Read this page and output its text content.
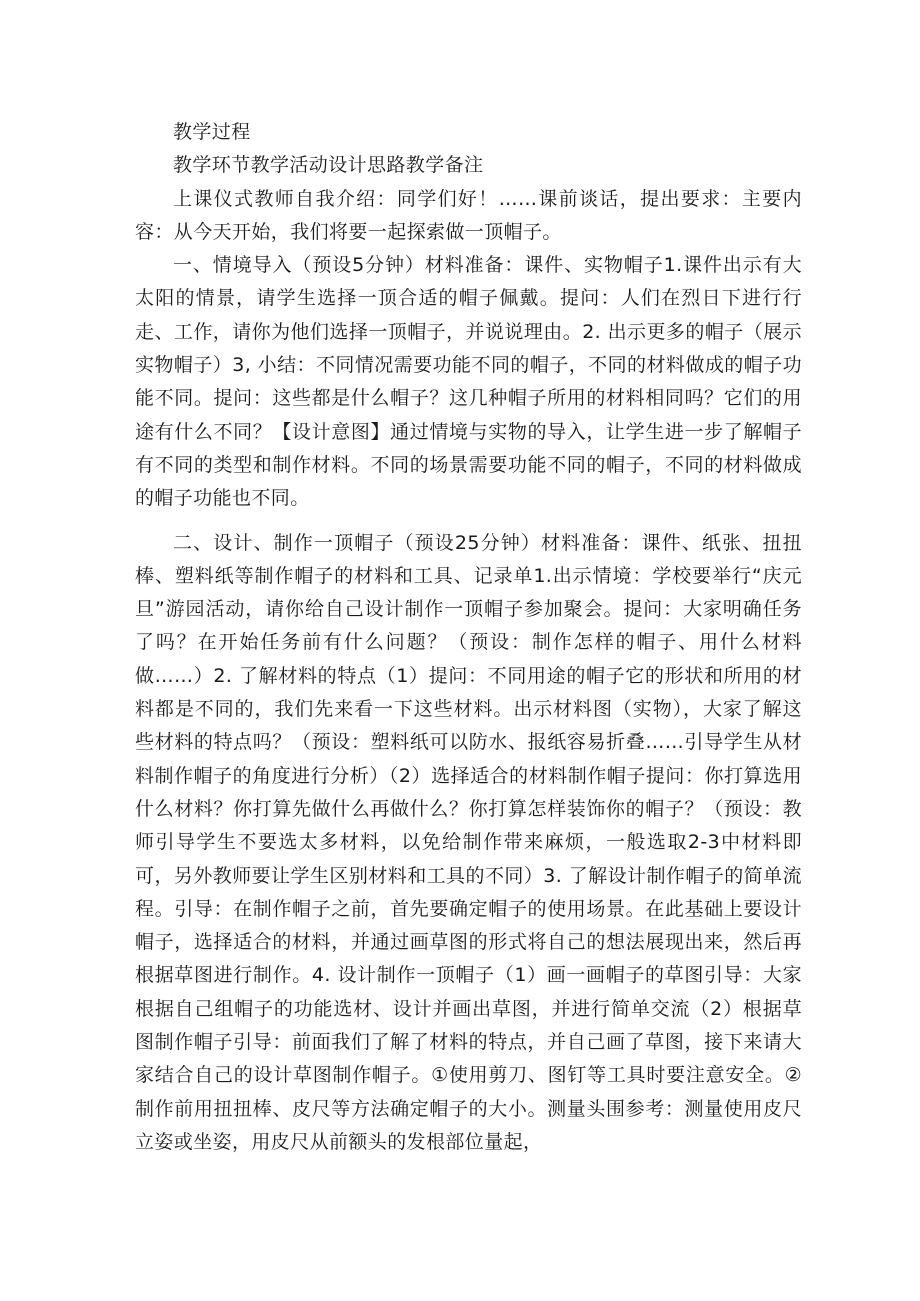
教学过程

教学环节教学活动设计思路教学备注

上课仪式教师自我介绍：同学们好！……课前谈话，提出要求：主要内容：从今天开始，我们将要一起探索做一顶帽子。

一、情境导入（预设5分钟）材料准备：课件、实物帽子1.课件出示有大太阳的情景，请学生选择一顶合适的帽子佩戴。提问：人们在烈日下进行行走、工作，请你为他们选择一顶帽子，并说说理由。2. 出示更多的帽子（展示实物帽子）3, 小结：不同情况需要功能不同的帽子，不同的材料做成的帽子功能不同。提问：这些都是什么帽子？这几种帽子所用的材料相同吗？它们的用途有什么不同？【设计意图】通过情境与实物的导入，让学生进一步了解帽子有不同的类型和制作材料。不同的场景需要功能不同的帽子，不同的材料做成的帽子功能也不同。

二、设计、制作一顶帽子（预设25分钟）材料准备：课件、纸张、扭扭棒、塑料纸等制作帽子的材料和工具、记录单1.出示情境：学校要举行“庆元旦”游园活动，请你给自己设计制作一顶帽子参加聚会。提问：大家明确任务了吗？在开始任务前有什么问题？（预设：制作怎样的帽子、用什么材料做……）2. 了解材料的特点（1）提问：不同用途的帽子它的形状和所用的材料都是不同的，我们先来看一下这些材料。出示材料图（实物），大家了解这些材料的特点吗？（预设：塑料纸可以防水、报纸容易折叠……引导学生从材料制作帽子的角度进行分析）（2）选择适合的材料制作帽子提问：你打算选用什么材料？你打算先做什么再做什么？你打算怎样装饰你的帽子？（预设：教师引导学生不要选太多材料，以免给制作带来麻烦，一般选取2-3中材料即可，另外教师要让学生区别材料和工具的不同）3. 了解设计制作帽子的简单流程。引导：在制作帽子之前，首先要确定帽子的使用场景。在此基础上要设计帽子，选择适合的材料，并通过画草图的形式将自己的想法展现出来，然后再根据草图进行制作。4. 设计制作一顶帽子（1）画一画帽子的草图引导：大家根据自己组帽子的功能选材、设计并画出草图，并进行简单交流（2）根据草图制作帽子引导：前面我们了解了材料的特点，并自己画了草图，接下来请大家结合自己的设计草图制作帽子。①使用剪刀、图钉等工具时要注意安全。②制作前用扭扭棒、皮尺等方法确定帽子的大小。测量头围参考：测量使用皮尺立姿或坐姿，用皮尺从前额头的发根部位量起，
